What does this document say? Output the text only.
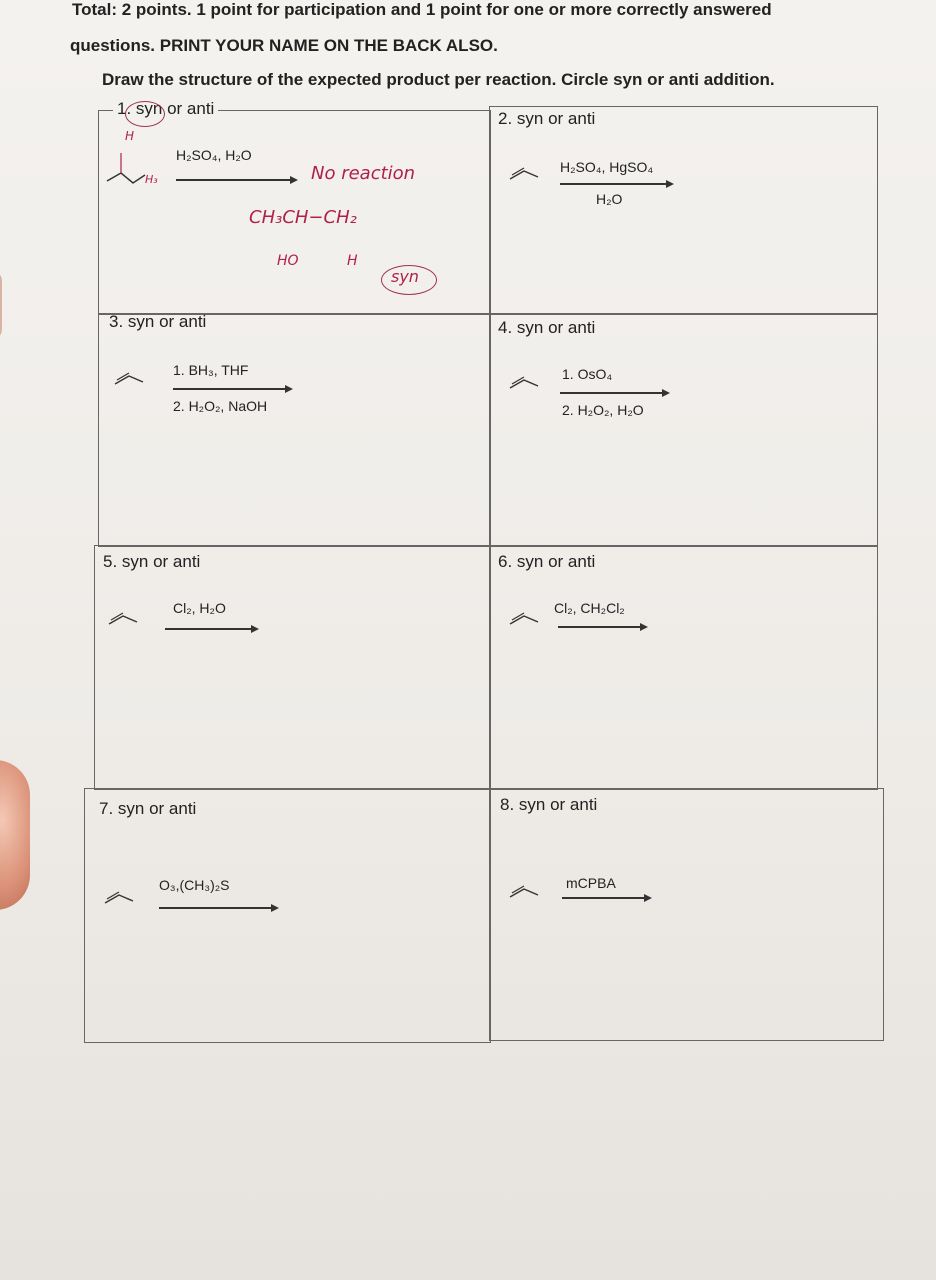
Total: 2 points. 1 point for participation and 1 point for one or more correctly answered
questions. PRINT YOUR NAME ON THE BACK ALSO.
Draw the structure of the expected product per reaction. Circle syn or anti addition.
1. syn or anti
H₂SO₄, H₂O
H
H₃	No reaction
CH₃CH−CH₂
HO	H
syn
2. syn or anti
H₂SO₄, HgSO₄
H₂O
3. syn or anti
1. BH₃, THF
2. H₂O₂, NaOH
4. syn or anti
1. OsO₄
2. H₂O₂, H₂O
5. syn or anti
Cl₂, H₂O
6. syn or anti
Cl₂, CH₂Cl₂
7. syn or anti
O₃,(CH₃)₂S
8. syn or anti
mCPBA
